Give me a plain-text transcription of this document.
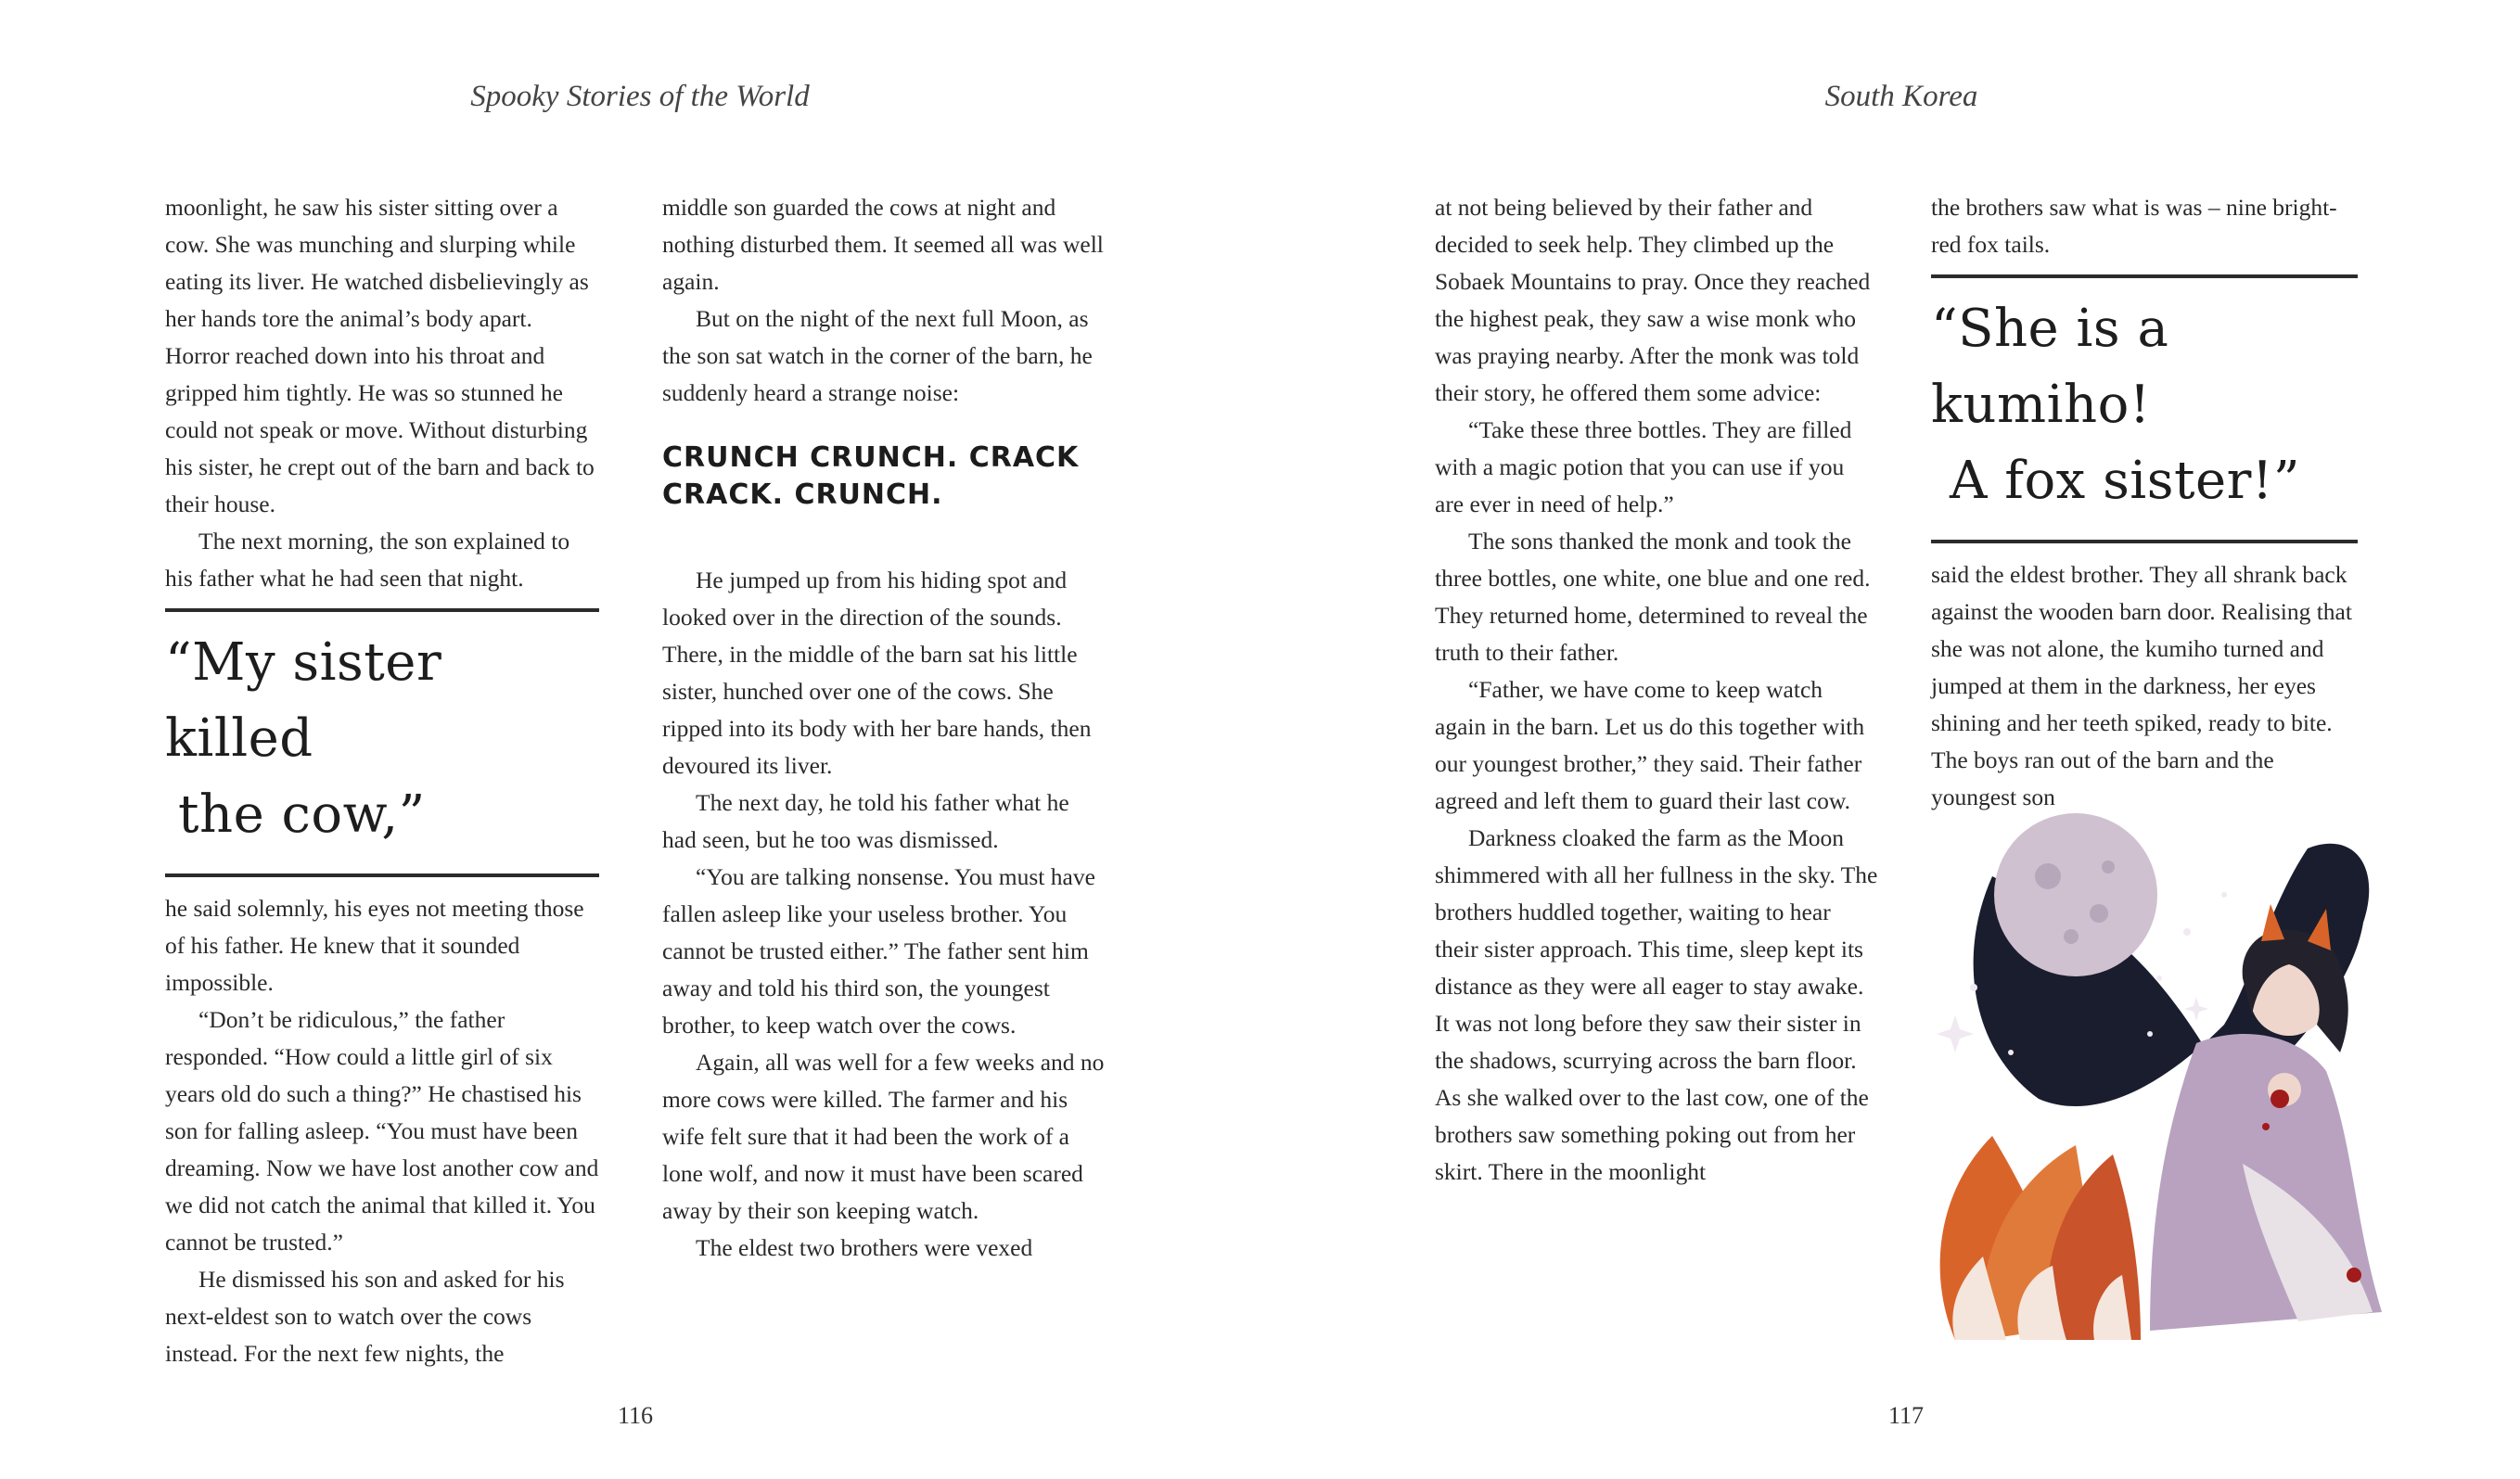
Spooky Stories of the World

moonlight, he saw his sister sitting over a cow. She was munching and slurping while eating its liver. He watched disbelievingly as her hands tore the animal’s body apart. Horror reached down into his throat and gripped him tightly. He was so stunned he could not speak or move. Without disturbing his sister, he crept out of the barn and back to their house.

The next morning, the son explained to his father what he had seen that night.

“My sister killed
the cow,”

he said solemnly, his eyes not meeting those of his father. He knew that it sounded impossible.

“Don’t be ridiculous,” the father responded. “How could a little girl of six years old do such a thing?” He chastised his son for falling asleep. “You must have been dreaming. Now we have lost another cow and we did not catch the animal that killed it. You cannot be trusted.”

He dismissed his son and asked for his next-eldest son to watch over the cows instead. For the next few nights, the

middle son guarded the cows at night and nothing disturbed them. It seemed all was well again.

But on the night of the next full Moon, as the son sat watch in the corner of the barn, he suddenly heard a strange noise:

CRUNCH CRUNCH. CRACK
CRACK. CRUNCH.

He jumped up from his hiding spot and looked over in the direction of the sounds. There, in the middle of the barn sat his little sister, hunched over one of the cows. She ripped into its body with her bare hands, then devoured its liver.

The next day, he told his father what he had seen, but he too was dismissed.

“You are talking nonsense. You must have fallen asleep like your useless brother. You cannot be trusted either.” The father sent him away and told his third son, the youngest brother, to keep watch over the cows.

Again, all was well for a few weeks and no more cows were killed. The farmer and his wife felt sure that it had been the work of a lone wolf, and now it must have been scared away by their son keeping watch.

The eldest two brothers were vexed

116
South Korea

at not being believed by their father and decided to seek help. They climbed up the Sobaek Mountains to pray. Once they reached the highest peak, they saw a wise monk who was praying nearby. After the monk was told their story, he offered them some advice:

“Take these three bottles. They are filled with a magic potion that you can use if you are ever in need of help.”

The sons thanked the monk and took the three bottles, one white, one blue and one red. They returned home, determined to reveal the truth to their father.

“Father, we have come to keep watch again in the barn. Let us do this together with our youngest brother,” they said. Their father agreed and left them to guard their last cow.

Darkness cloaked the farm as the Moon shimmered with all her fullness in the sky. The brothers huddled together, waiting to hear their sister approach. This time, sleep kept its distance as they were all eager to stay awake. It was not long before they saw their sister in the shadows, scurrying across the barn floor. As she walked over to the last cow, one of the brothers saw something poking out from her skirt. There in the moonlight

the brothers saw what is was – nine bright-red fox tails.

“She is a kumiho!
A fox sister!”

said the eldest brother. They all shrank back against the wooden barn door. Realising that she was not alone, the kumiho turned and jumped at them in the darkness, her eyes shining and her teeth spiked, ready to bite. The boys ran out of the barn and the youngest son

117
